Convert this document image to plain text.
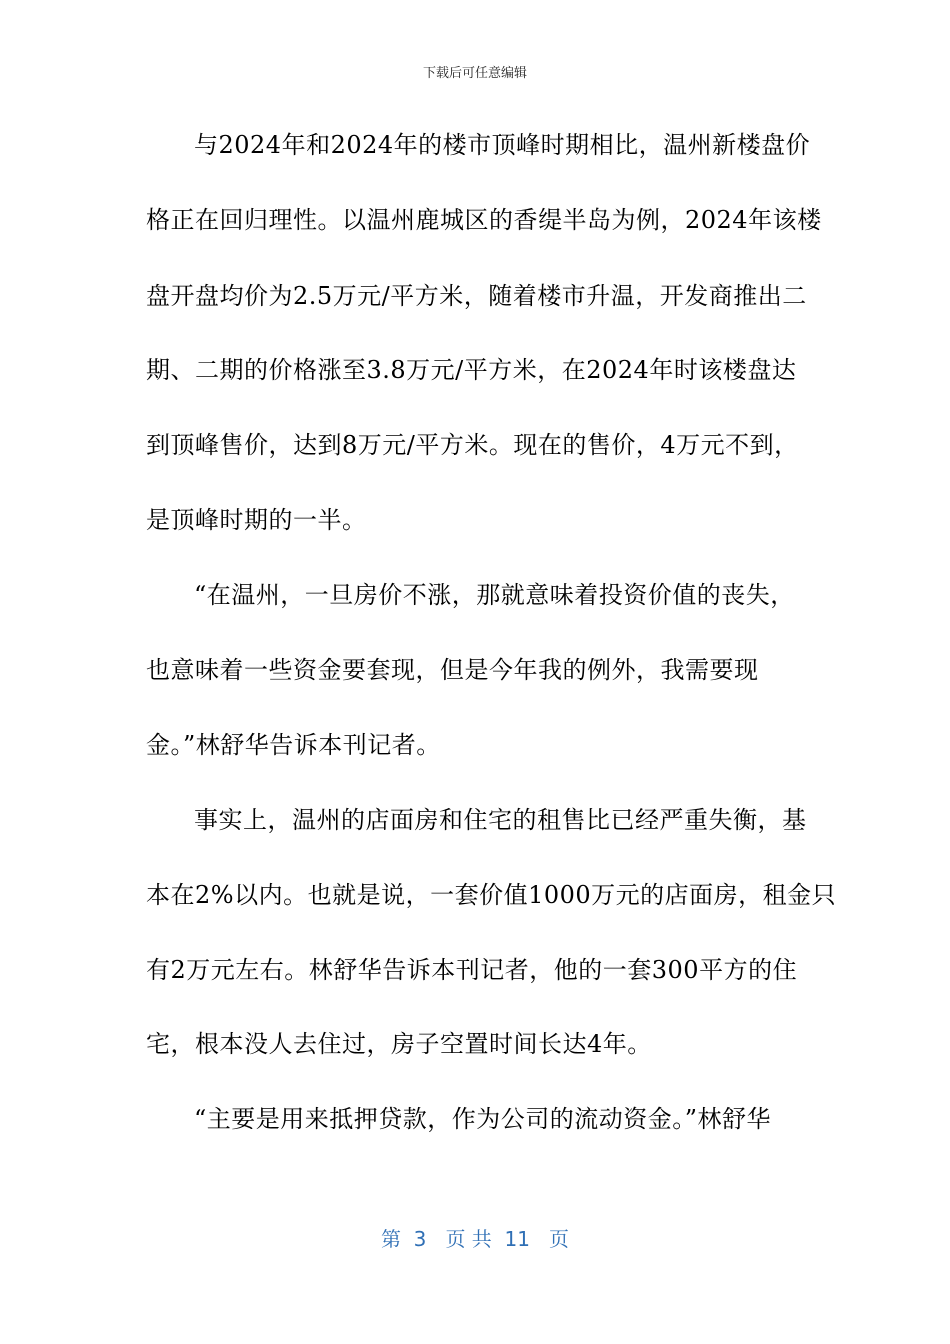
下载后可任意编辑
与2024年和2024年的楼市顶峰时期相比，温州新楼盘价
格正在回归理性。以温州鹿城区的香缇半岛为例，2024年该楼
盘开盘均价为2.5万元/平方米，随着楼市升温，开发商推出二
期、二期的价格涨至3.8万元/平方米，在2024年时该楼盘达
到顶峰售价，达到8万元/平方米。现在的售价，4万元不到，
是顶峰时期的一半。
“在温州，一旦房价不涨，那就意味着投资价值的丧失，
也意味着一些资金要套现，但是今年我的例外，我需要现
金。”林舒华告诉本刊记者。
事实上，温州的店面房和住宅的租售比已经严重失衡，基
本在2%以内。也就是说，一套价值1000万元的店面房，租金只
有2万元左右。林舒华告诉本刊记者，他的一套300平方的住
宅，根本没人去住过，房子空置时间长达4年。
“主要是用来抵押贷款，作为公司的流动资金。”林舒华
第  3   页 共  11   页
